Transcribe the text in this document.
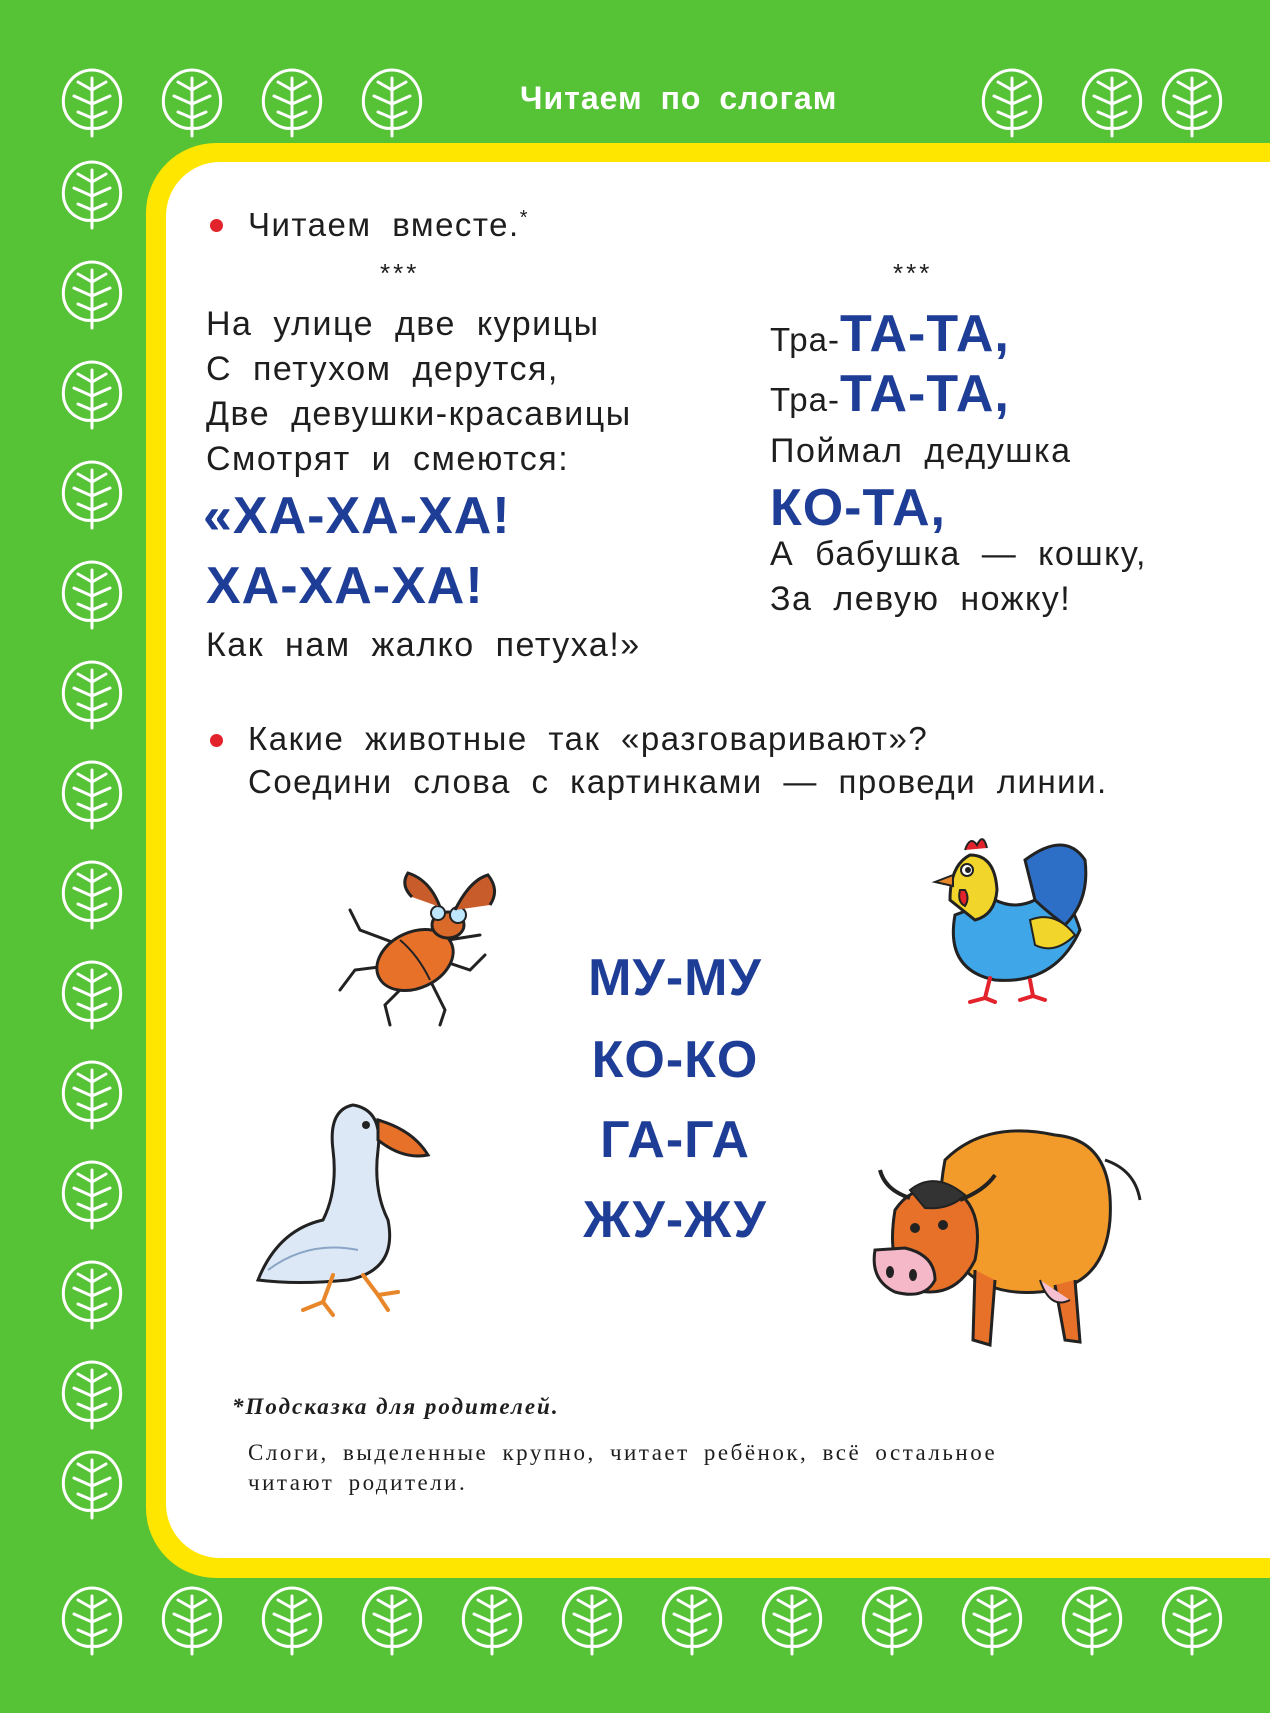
Читаем по слогам
Читаем вместе.*
***
На улице две курицы
С петухом дерутся,
Две девушки-красавицы
Смотрят и смеются:
«ХА-ХА-ХА!
ХА-ХА-ХА!
Как нам жалко петуха!»
***
Тра-ТА-ТА,
Тра-ТА-ТА,
Поймал дедушка
КО-ТА,
А бабушка — кошку,
За левую ножку!
Какие животные так «разговаривают»?
Соедини слова с картинками — проведи линии.
МУ-МУ
КО-КО
ГА-ГА
ЖУ-ЖУ
*Подсказка для родителей.
Слоги, выделенные крупно, читает ребёнок, всё остальное
читают родители.
